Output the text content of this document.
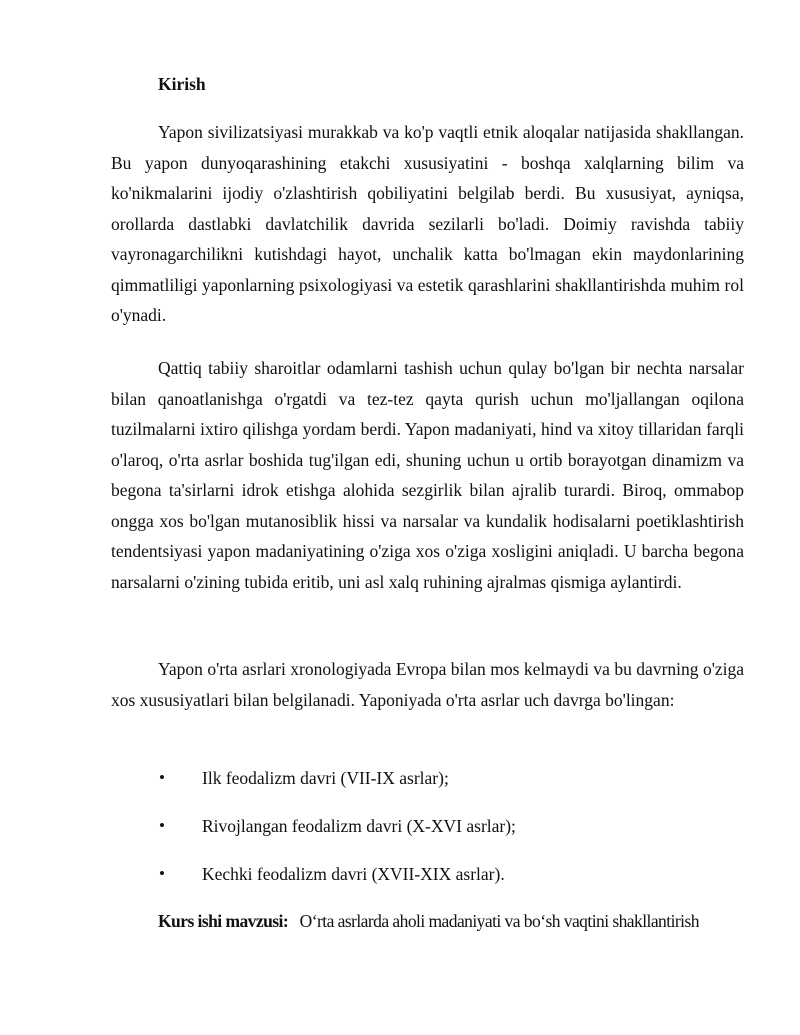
Kirish

Yapon sivilizatsiyasi murakkab va ko'p vaqtli etnik aloqalar natijasida shakllangan. Bu yapon dunyoqarashining etakchi xususiyatini - boshqa xalqlarning bilim va ko'nikmalarini ijodiy o'zlashtirish qobiliyatini belgilab berdi. Bu xususiyat, ayniqsa, orollarda dastlabki davlatchilik davrida sezilarli bo'ladi. Doimiy ravishda tabiiy vayronagarchilikni kutishdagi hayot, unchalik katta bo'lmagan ekin maydonlarining qimmatliligi yaponlarning psixologiyasi va estetik qarashlarini shakllantirishda muhim rol o'ynadi.

Qattiq tabiiy sharoitlar odamlarni tashish uchun qulay bo'lgan bir nechta narsalar bilan qanoatlanishga o'rgatdi va tez-tez qayta qurish uchun mo'ljallangan oqilona tuzilmalarni ixtiro qilishga yordam berdi. Yapon madaniyati, hind va xitoy tillaridan farqli o'laroq, o'rta asrlar boshida tug'ilgan edi, shuning uchun u ortib borayotgan dinamizm va begona ta'sirlarni idrok etishga alohida sezgirlik bilan ajralib turardi. Biroq, ommabop ongga xos bo'lgan mutanosiblik hissi va narsalar va kundalik hodisalarni poetiklashtirish tendentsiyasi yapon madaniyatining o'ziga xos o'ziga xosligini aniqladi. U barcha begona narsalarni o'zining tubida eritib, uni asl xalq ruhining ajralmas qismiga aylantirdi.

Yapon o'rta asrlari xronologiyada Evropa bilan mos kelmaydi va bu davrning o'ziga xos xususiyatlari bilan belgilanadi. Yaponiyada o'rta asrlar uch davrga bo'lingan:

• Ilk feodalizm davri (VII-IX asrlar);
• Rivojlangan feodalizm davri (X-XVI asrlar);
• Kechki feodalizm davri (XVII-XIX asrlar).

Kurs ishi mavzusi: O‘rta asrlarda aholi madaniyati va bo‘sh vaqtini shakllantirish
